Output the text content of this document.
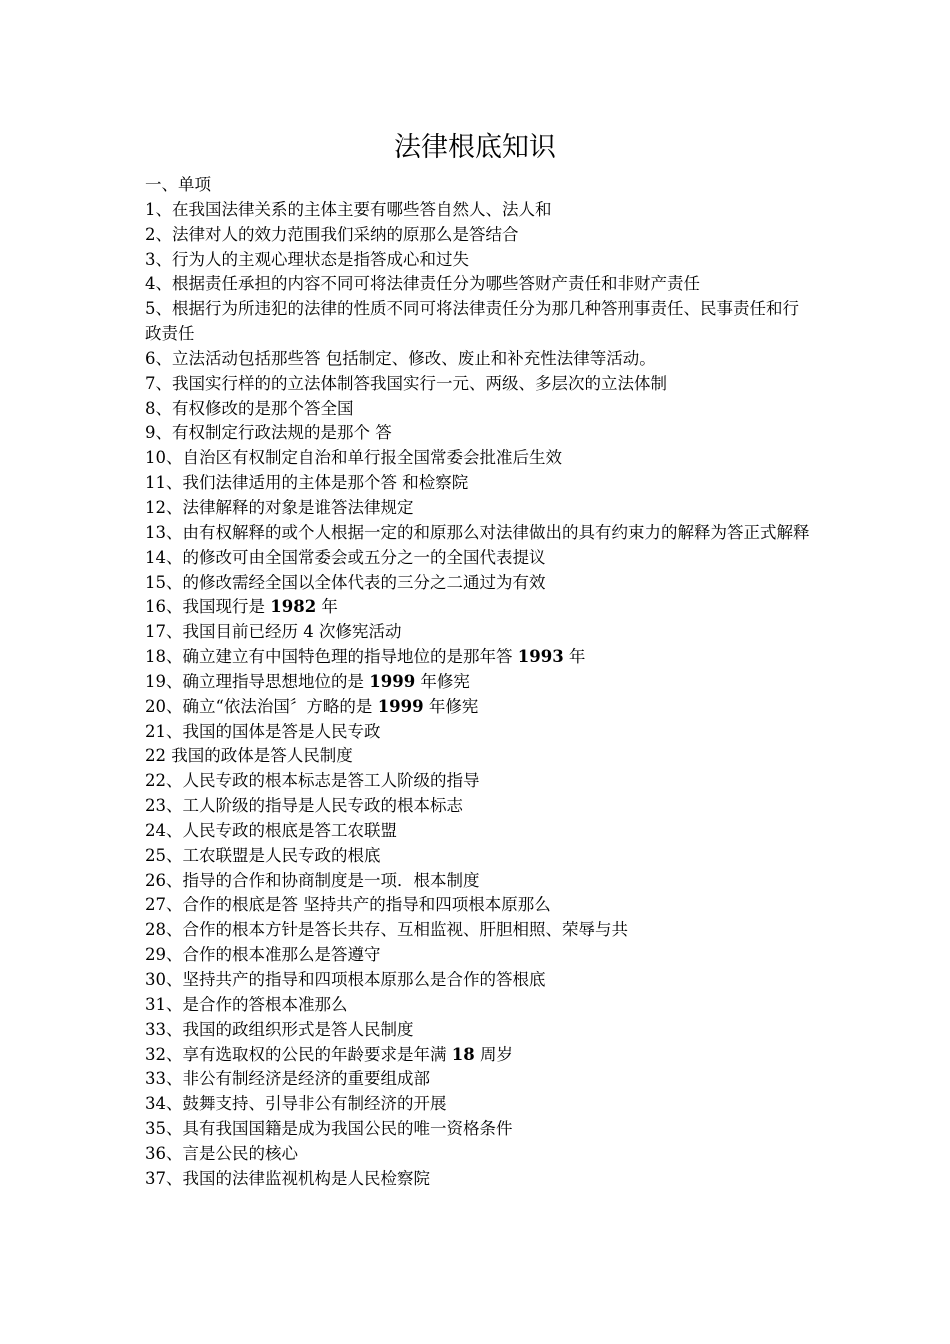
法律根底知识
一、单项
1、在我国法律关系的主体主要有哪些答自然人、法人和
2、法律对人的效力范围我们采纳的原那么是答结合
3、行为人的主观心理状态是指答成心和过失
4、根据责任承担的内容不同可将法律责任分为哪些答财产责任和非财产责任
5、根据行为所违犯的法律的性质不同可将法律责任分为那几种答刑事责任、民事责任和行政责任
6、立法活动包括那些答 包括制定、修改、废止和补充性法律等活动。
7、我国实行样的的立法体制答我国实行一元、两级、多层次的立法体制
8、有权修改的是那个答全国
9、有权制定行政法规的是那个 答
10、自治区有权制定自治和单行报全国常委会批准后生效
11、我们法律适用的主体是那个答 和检察院
12、法律解释的对象是谁答法律规定
13、由有权解释的或个人根据一定的和原那么对法律做出的具有约束力的解释为答正式解释
14、的修改可由全国常委会或五分之一的全国代表提议
15、的修改需经全国以全体代表的三分之二通过为有效
16、我国现行是 1982 年
17、我国目前已经历 4 次修宪活动
18、确立建立有中国特色理的指导地位的是那年答 1993 年
19、确立理指导思想地位的是 1999 年修宪
20、确立“依法治国〞方略的是 1999 年修宪
21、我国的国体是答是人民专政
22 我国的政体是答人民制度
22、人民专政的根本标志是答工人阶级的指导
23、工人阶级的指导是人民专政的根本标志
24、人民专政的根底是答工农联盟
25、工农联盟是人民专政的根底
26、指导的合作和协商制度是一项．根本制度
27、合作的根底是答 坚持共产的指导和四项根本原那么
28、合作的根本方针是答长共存、互相监视、肝胆相照、荣辱与共
29、合作的根本准那么是答遵守
30、坚持共产的指导和四项根本原那么是合作的答根底
31、是合作的答根本准那么
33、我国的政组织形式是答人民制度
32、享有选取权的公民的年龄要求是年满 18 周岁
33、非公有制经济是经济的重要组成部
34、鼓舞支持、引导非公有制经济的开展
35、具有我国国籍是成为我国公民的唯一资格条件
36、言是公民的核心
37、我国的法律监视机构是人民检察院
